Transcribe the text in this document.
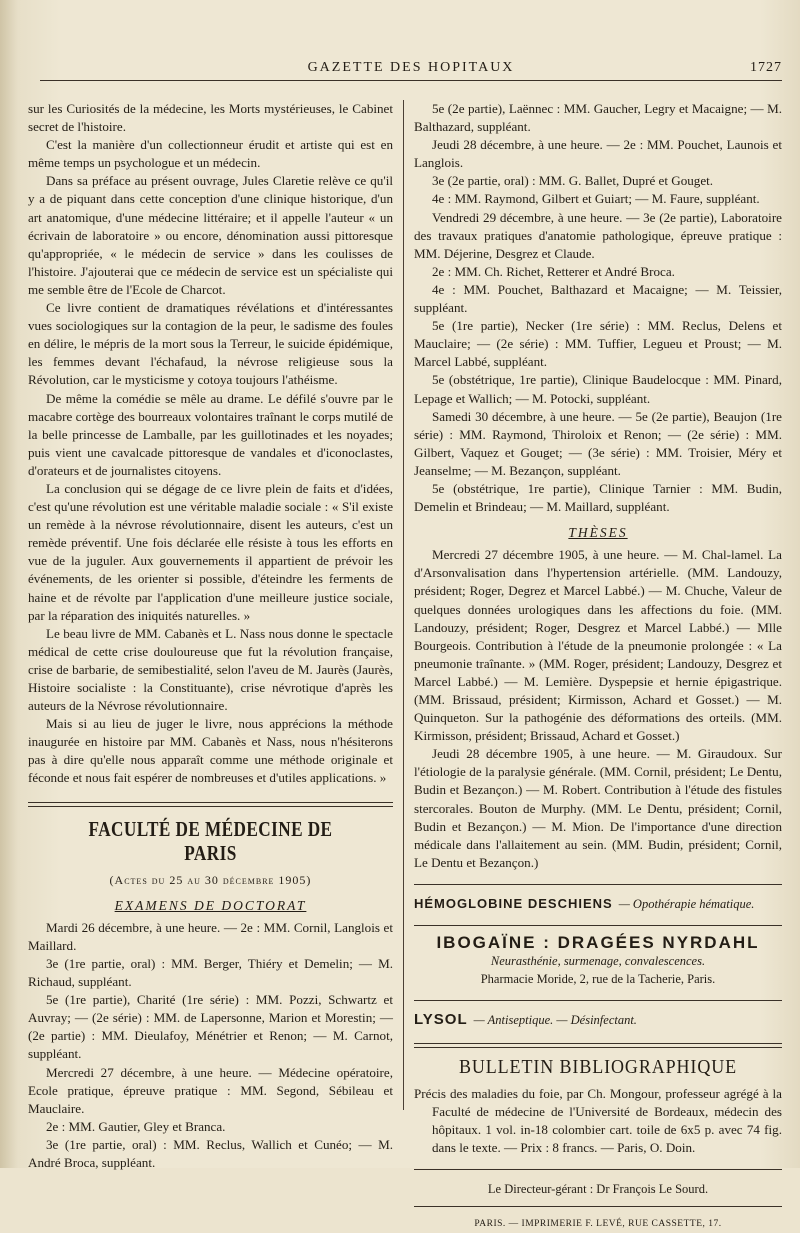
GAZETTE DES HOPITAUX	1727

sur les Curiosités de la médecine, les Morts mystérieuses, le Cabinet secret de l'histoire.

C'est la manière d'un collectionneur érudit et artiste qui est en même temps un psychologue et un médecin.

Dans sa préface au présent ouvrage, Jules Claretie relève ce qu'il y a de piquant dans cette conception d'une clinique historique, d'un art anatomique, d'une médecine littéraire; et il appelle l'auteur « un écrivain de laboratoire » ou encore, dénomination aussi pittoresque qu'appropriée, « le médecin de service » dans les coulisses de l'histoire. J'ajouterai que ce médecin de service est un spécialiste qui me semble être de l'Ecole de Charcot.

Ce livre contient de dramatiques révélations et d'intéressantes vues sociologiques sur la contagion de la peur, le sadisme des foules en délire, le mépris de la mort sous la Terreur, le suicide épidémique, les femmes devant l'échafaud, la névrose religieuse sous la Révolution, car le mysticisme y cotoya toujours l'athéisme.

De même la comédie se mêle au drame. Le défilé s'ouvre par le macabre cortège des bourreaux volontaires traînant le corps mutilé de la belle princesse de Lamballe, par les guillotinades et les noyades; puis vient une cavalcade pittoresque de vandales et d'iconoclastes, d'orateurs et de journalistes citoyens.

La conclusion qui se dégage de ce livre plein de faits et d'idées, c'est qu'une révolution est une véritable maladie sociale : « S'il existe un remède à la névrose révolutionnaire, disent les auteurs, c'est un remède préventif. Une fois déclarée elle résiste à tous les efforts en vue de la juguler. Aux gouvernements il appartient de prévoir les événements, de les orienter si possible, d'éteindre les ferments de haine et de révolte par l'application d'une meilleure justice sociale, par la réparation des iniquités naturelles. »

Le beau livre de MM. Cabanès et L. Nass nous donne le spectacle médical de cette crise douloureuse que fut la révolution française, crise de barbarie, de semibestialité, selon l'aveu de M. Jaurès (Jaurès, Histoire socialiste : la Constituante), crise névrotique d'après les auteurs de la Névrose révolutionnaire.

Mais si au lieu de juger le livre, nous apprécions la méthode inaugurée en histoire par MM. Cabanès et Nass, nous n'hésiterons pas à dire qu'elle nous apparaît comme une méthode originale et féconde et nous fait espérer de nombreuses et d'utiles applications. »

FACULTÉ DE MÉDECINE DE PARIS
(Actes du 25 au 30 décembre 1905)
EXAMENS DE DOCTORAT

Mardi 26 décembre, à une heure. — 2e : MM. Cornil, Langlois et Maillard.

3e (1re partie, oral) : MM. Berger, Thiéry et Demelin; — M. Richaud, suppléant.

5e (1re partie), Charité (1re série) : MM. Pozzi, Schwartz et Auvray; — (2e série) : MM. de Lapersonne, Marion et Morestin; — (2e partie) : MM. Dieulafoy, Ménétrier et Renon; — M. Carnot, suppléant.

Mercredi 27 décembre, à une heure. — Médecine opératoire, Ecole pratique, épreuve pratique : MM. Segond, Sébileau et Mauclaire.

2e : MM. Gautier, Gley et Branca.

3e (1re partie, oral) : MM. Reclus, Wallich et Cunéo; — M. André Broca, suppléant.

5e (2e partie), Laënnec : MM. Gaucher, Legry et Macaigne; — M. Balthazard, suppléant.

Jeudi 28 décembre, à une heure. — 2e : MM. Pouchet, Launois et Langlois.

3e (2e partie, oral) : MM. G. Ballet, Dupré et Gouget.

4e : MM. Raymond, Gilbert et Guiart; — M. Faure, suppléant.

Vendredi 29 décembre, à une heure. — 3e (2e partie), Laboratoire des travaux pratiques d'anatomie pathologique, épreuve pratique : MM. Déjerine, Desgrez et Claude.

2e : MM. Ch. Richet, Retterer et André Broca.

4e : MM. Pouchet, Balthazard et Macaigne; — M. Teissier, suppléant.

5e (1re partie), Necker (1re série) : MM. Reclus, Delens et Mauclaire; — (2e série) : MM. Tuffier, Legueu et Proust; — M. Marcel Labbé, suppléant.

5e (obstétrique, 1re partie), Clinique Baudelocque : MM. Pinard, Lepage et Wallich; — M. Potocki, suppléant.

Samedi 30 décembre, à une heure. — 5e (2e partie), Beaujon (1re série) : MM. Raymond, Thiroloix et Renon; — (2e série) : MM. Gilbert, Vaquez et Gouget; — (3e série) : MM. Troisier, Méry et Jeanselme; — M. Bezançon, suppléant.

5e (obstétrique, 1re partie), Clinique Tarnier : MM. Budin, Demelin et Brindeau; — M. Maillard, suppléant.

THÈSES

Mercredi 27 décembre 1905, à une heure. — M. Chal-lamel. La d'Arsonvalisation dans l'hypertension artérielle. (MM. Landouzy, président; Roger, Degrez et Marcel Labbé.) — M. Chuche, Valeur de quelques données urologiques dans les affections du foie. (MM. Landouzy, président; Roger, Desgrez et Marcel Labbé.) — Mlle Bourgeois. Contribution à l'étude de la pneumonie prolongée : « La pneumonie traînante. » (MM. Roger, président; Landouzy, Desgrez et Marcel Labbé.) — M. Lemière. Dyspepsie et hernie épigastrique. (MM. Brissaud, président; Kirmisson, Achard et Gosset.) — M. Quinqueton. Sur la pathogénie des déformations des orteils. (MM. Kirmisson, président; Brissaud, Achard et Gosset.)

Jeudi 28 décembre 1905, à une heure. — M. Giraudoux. Sur l'étiologie de la paralysie générale. (MM. Cornil, président; Le Dentu, Budin et Bezançon.) — M. Robert. Contribution à l'étude des fistules stercorales. Bouton de Murphy. (MM. Le Dentu, président; Cornil, Budin et Bezançon.) — M. Mion. De l'importance d'une direction médicale dans l'allaitement au sein. (MM. Budin, président; Cornil, Le Dentu et Bezançon.)

HÉMOGLOBINE DESCHIENS — Opothérapie hématique.
IBOGAÏNE : DRAGÉES NYRDAHL
Neurasthénie, surmenage, convalescences.
Pharmacie Moride, 2, rue de la Tacherie, Paris.
LYSOL — Antiseptique. — Désinfectant.
BULLETIN BIBLIOGRAPHIQUE

Précis des maladies du foie, par Ch. Mongour, professeur agrégé à la Faculté de médecine de l'Université de Bordeaux, médecin des hôpitaux. 1 vol. in-18 colombier cart. toile de 6x5 p. avec 74 fig. dans le texte. — Prix : 8 francs. — Paris, O. Doin.

Le Directeur-gérant : Dr François Le Sourd.
PARIS. — IMPRIMERIE F. LEVÉ, RUE CASSETTE, 17.
